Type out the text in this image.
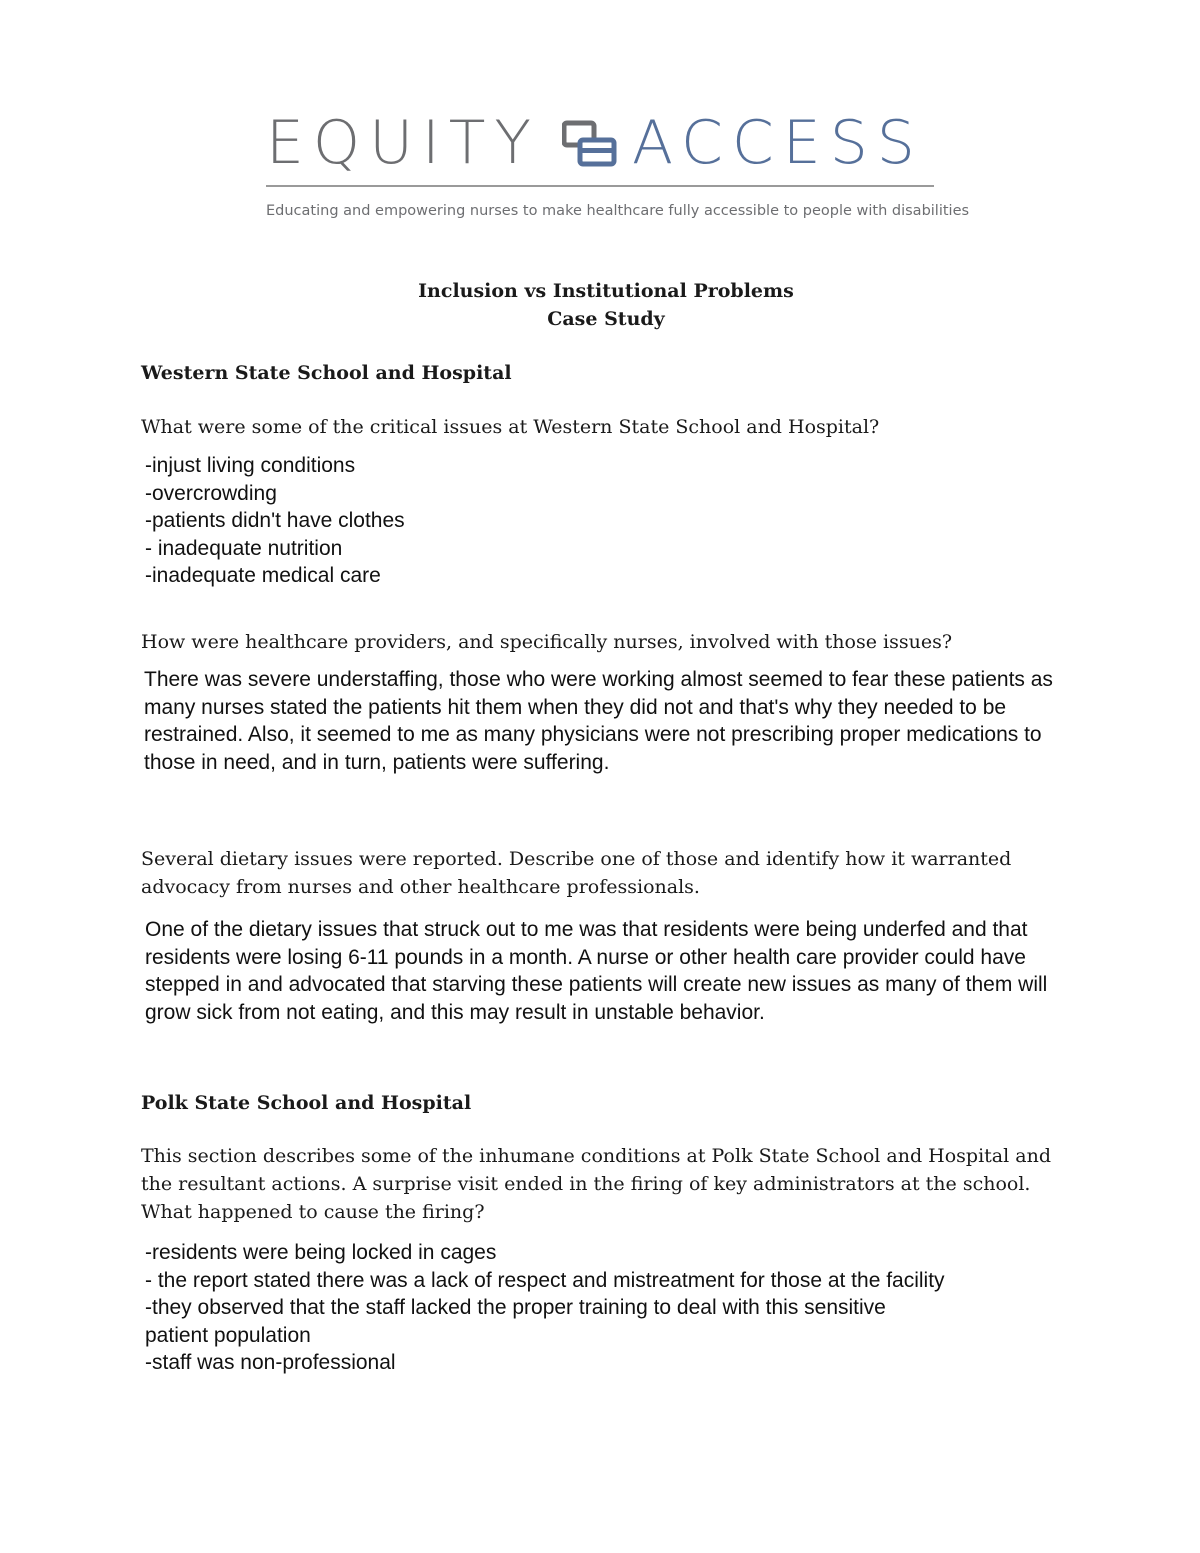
EQUITY ACCESS
Educating and empowering nurses to make healthcare fully accessible to people with disabilities
Inclusion vs Institutional Problems
Case Study
Western State School and Hospital
What were some of the critical issues at Western State School and Hospital?
-injust living conditions
-overcrowding
-patients didn't have clothes
- inadequate nutrition
-inadequate medical care
How were healthcare providers, and specifically nurses, involved with those issues?

There was severe understaffing, those who were working almost seemed to fear these patients as many nurses stated the patients hit them when they did not and that's why they needed to be restrained. Also, it seemed to me as many physicians were not prescribing proper medications to those in need, and in turn, patients were suffering.

Several dietary issues were reported. Describe one of those and identify how it warranted advocacy from nurses and other healthcare professionals.

One of the dietary issues that struck out to me was that residents were being underfed and that residents were losing 6-11 pounds in a month. A nurse or other health care provider could have stepped in and advocated that starving these patients will create new issues as many of them will grow sick from not eating, and this may result in unstable behavior.

Polk State School and Hospital

This section describes some of the inhumane conditions at Polk State School and Hospital and the resultant actions. A surprise visit ended in the firing of key administrators at the school. What happened to cause the firing?

-residents were being locked in cages
- the report stated there was a lack of respect and mistreatment for those at the facility
-they observed that the staff lacked the proper training to deal with this sensitive
patient population
-staff was non-professional
